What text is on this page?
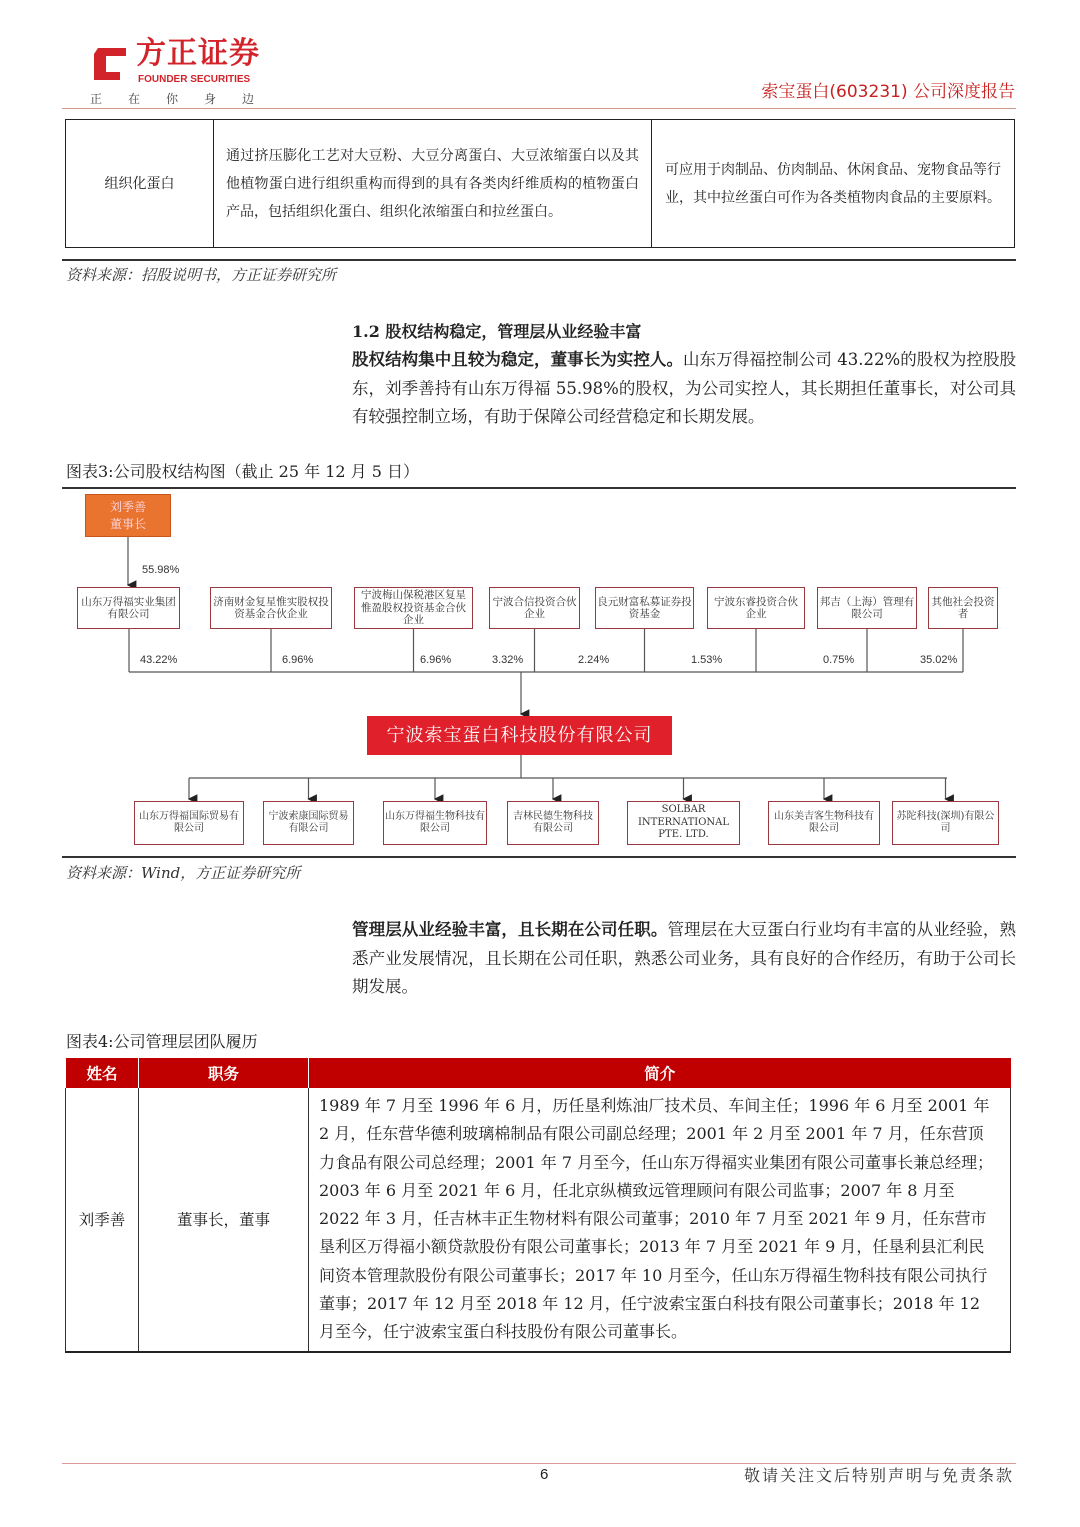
方正证券
FOUNDER SECURITIES
正在你身边	索宝蛋白(603231) 公司深度报告
组织化蛋白	通过挤压膨化工艺对大豆粉、大豆分离蛋白、大豆浓缩蛋白以及其他植物蛋白进行组织重构而得到的具有各类肉纤维质构的植物蛋白产品，包括组织化蛋白、组织化浓缩蛋白和拉丝蛋白。	可应用于肉制品、仿肉制品、休闲食品、宠物食品等行业，其中拉丝蛋白可作为各类植物肉食品的主要原料。
资料来源：招股说明书，方正证券研究所
1.2 股权结构稳定，管理层从业经验丰富
股权结构集中且较为稳定，董事长为实控人。山东万得福控制公司 43.22%的股权为控股股东，刘季善持有山东万得福 55.98%的股权，为公司实控人，其长期担任董事长，对公司具有较强控制立场，有助于保障公司经营稳定和长期发展。
图表3:公司股权结构图（截止 25 年 12 月 5 日）
刘季善
董事长
55.98%
宁波索宝蛋白科技股份有限公司
山东万得福实业集团有限公司
43.22%
济南财金复星惟实股权投资基金合伙企业
6.96%
宁波梅山保税港区复星惟盈股权投资基金合伙企业
6.96%
宁波合信投资合伙企业
3.32%
良元财富私募证券投资基金
2.24%
宁波东睿投资合伙企业
1.53%
邦吉（上海）管理有限公司
0.75%
其他社会投资者
35.02%
山东万得福国际贸易有限公司
宁波索康国际贸易有限公司
山东万得福生物科技有限公司
吉林民德生物科技有限公司
SOLBAR INTERNATIONAL PTE. LTD.
山东美吉客生物科技有限公司
苏陀科技(深圳)有限公司
资料来源：Wind，方正证券研究所
管理层从业经验丰富，且长期在公司任职。管理层在大豆蛋白行业均有丰富的从业经验，熟悉产业发展情况，且长期在公司任职，熟悉公司业务，具有良好的合作经历，有助于公司长期发展。
图表4:公司管理层团队履历
姓名	职务	简介
刘季善	董事长，董事	1989 年 7 月至 1996 年 6 月，历任垦利炼油厂技术员、车间主任；1996 年 6 月至 2001 年 2 月，任东营华德利玻璃棉制品有限公司副总经理；2001 年 2 月至 2001 年 7 月，任东营顶力食品有限公司总经理；2001 年 7 月至今，任山东万得福实业集团有限公司董事长兼总经理；2003 年 6 月至 2021 年 6 月，任北京纵横致远管理顾问有限公司监事；2007 年 8 月至 2022 年 3 月，任吉林丰正生物材料有限公司董事；2010 年 7 月至 2021 年 9 月，任东营市垦利区万得福小额贷款股份有限公司董事长；2013 年 7 月至 2021 年 9 月，任垦利县汇利民间资本管理款股份有限公司董事长；2017 年 10 月至今，任山东万得福生物科技有限公司执行董事；2017 年 12 月至 2018 年 12 月，任宁波索宝蛋白科技有限公司董事长；2018 年 12 月至今，任宁波索宝蛋白科技股份有限公司董事长。
6	敬请关注文后特别声明与免责条款
